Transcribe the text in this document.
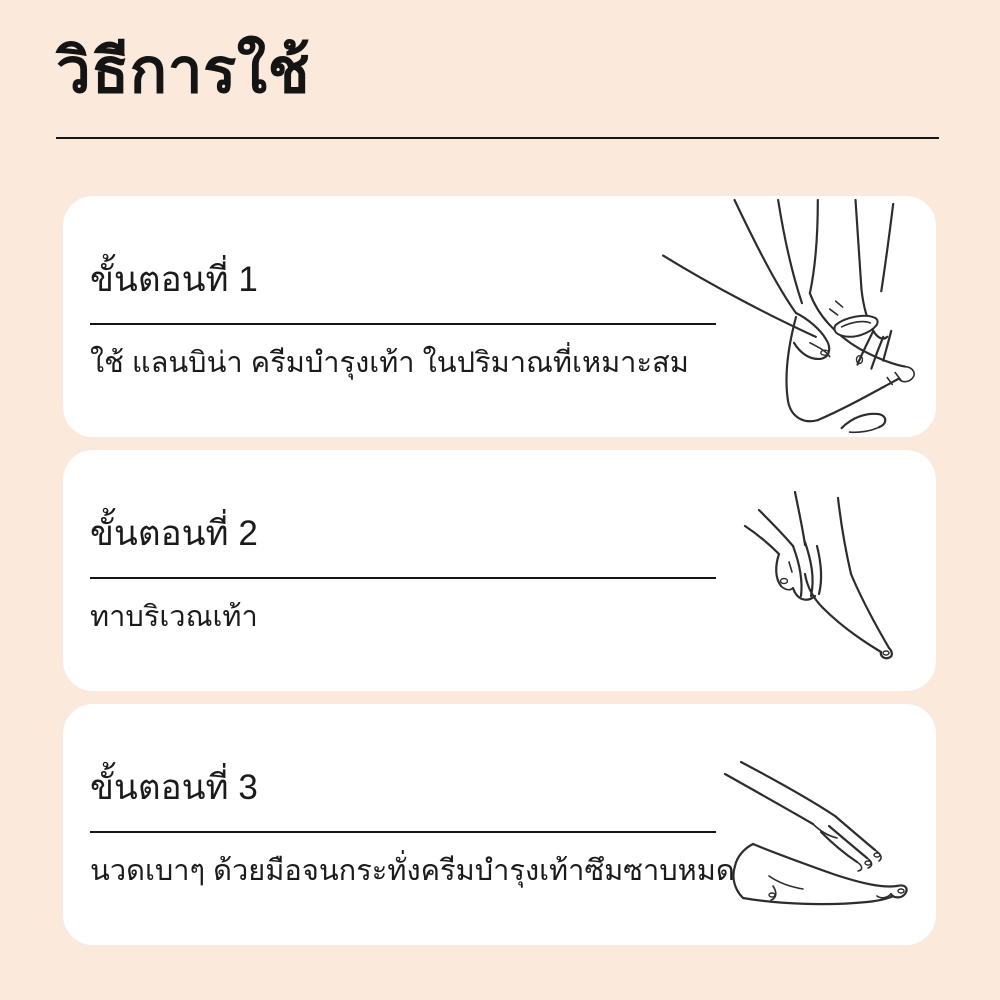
วิธีการใช้
ขั้นตอนที่ 1
ใช้ แลนบิน่า ครีมบำรุงเท้า ในปริมาณที่เหมาะสม
ขั้นตอนที่ 2
ทาบริเวณเท้า
ขั้นตอนที่ 3
นวดเบาๆ ด้วยมือจนกระทั่งครีมบำรุงเท้าซึมซาบหมด
